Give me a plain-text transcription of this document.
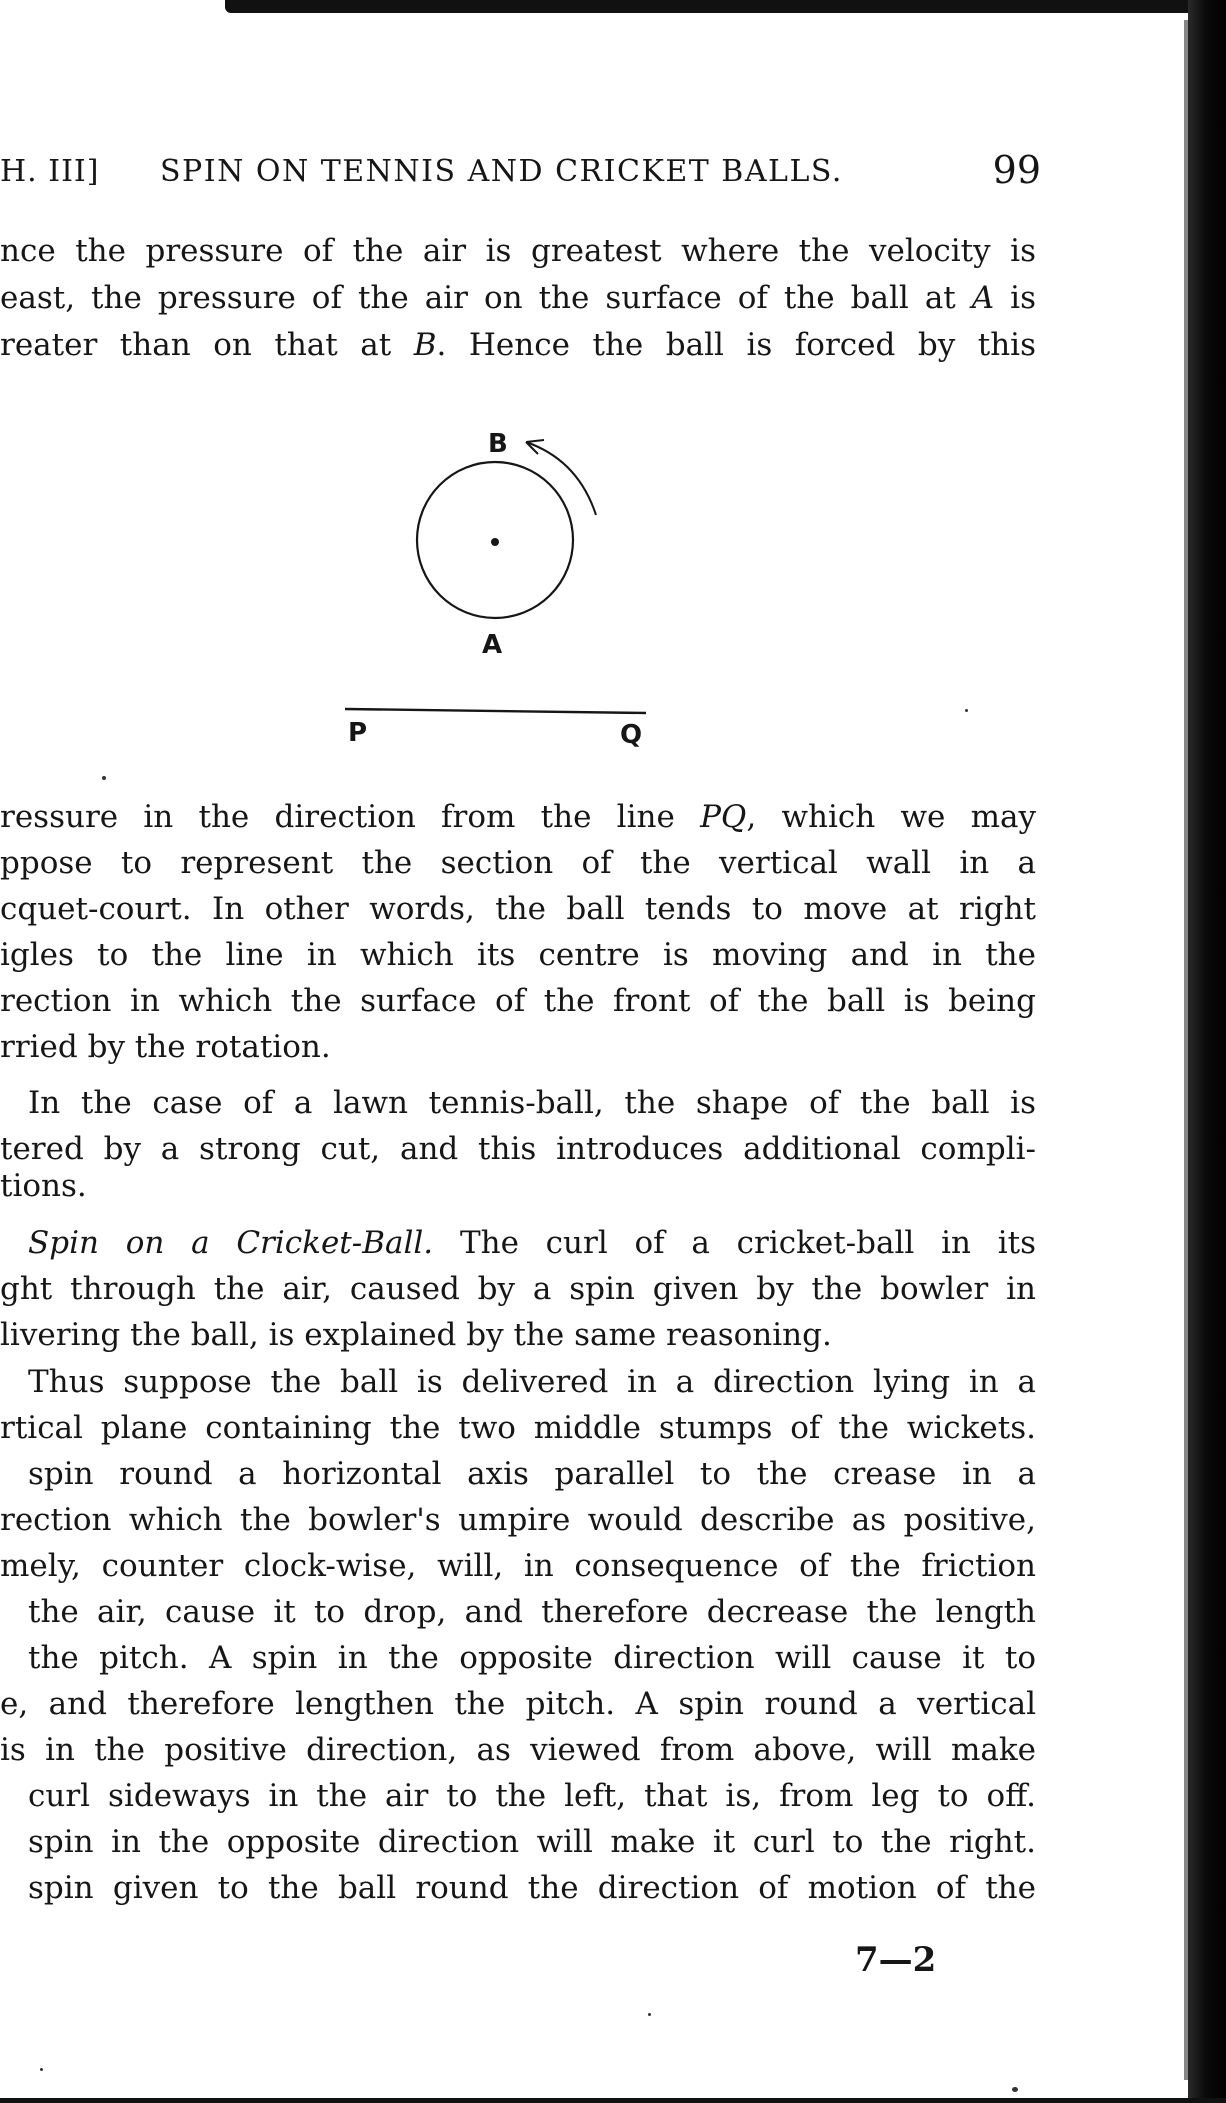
H. III] SPIN ON TENNIS AND CRICKET BALLS.	99
nce the pressure of the air is greatest where the velocity is
east, the pressure of the air on the surface of the ball at A is
reater than on that at B. Hence the ball is forced by this
B
A
P	Q
ressure in the direction from the line PQ, which we may
ppose to represent the section of the vertical wall in a
cquet-court. In other words, the ball tends to move at right
igles to the line in which its centre is moving and in the
rection in which the surface of the front of the ball is being
rried by the rotation.
In the case of a lawn tennis-ball, the shape of the ball is
tered by a strong cut, and this introduces additional compli-
tions.
Spin on a Cricket-Ball. The curl of a cricket-ball in its
ght through the air, caused by a spin given by the bowler in
livering the ball, is explained by the same reasoning.
Thus suppose the ball is delivered in a direction lying in a
rtical plane containing the two middle stumps of the wickets.
spin round a horizontal axis parallel to the crease in a
rection which the bowler's umpire would describe as positive,
mely, counter clock-wise, will, in consequence of the friction
the air, cause it to drop, and therefore decrease the length
the pitch. A spin in the opposite direction will cause it to
e, and therefore lengthen the pitch. A spin round a vertical
is in the positive direction, as viewed from above, will make
curl sideways in the air to the left, that is, from leg to off.
spin in the opposite direction will make it curl to the right.
spin given to the ball round the direction of motion of the
7—2
